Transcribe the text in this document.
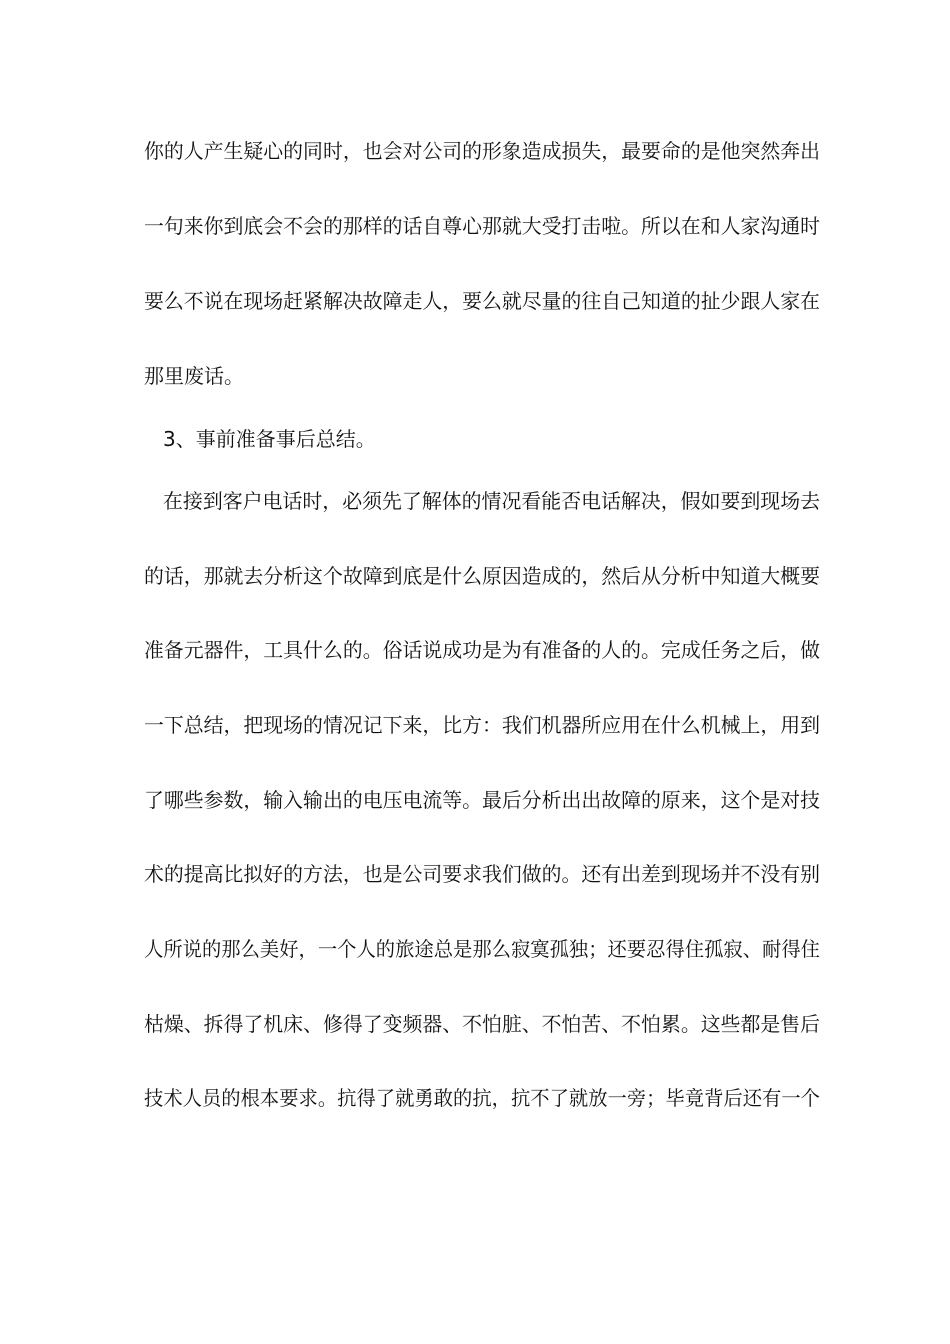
你的人产生疑心的同时，也会对公司的形象造成损失，最要命的是他突然奔出
一句来你到底会不会的那样的话自尊心那就大受打击啦。所以在和人家沟通时
要么不说在现场赶紧解决故障走人，要么就尽量的往自己知道的扯少跟人家在
那里废话。
3、事前准备事后总结。
在接到客户电话时，必须先了解体的情况看能否电话解决，假如要到现场去
的话，那就去分析这个故障到底是什么原因造成的，然后从分析中知道大概要
准备元器件，工具什么的。俗话说成功是为有准备的人的。完成任务之后，做
一下总结，把现场的情况记下来，比方：我们机器所应用在什么机械上，用到
了哪些参数，输入输出的电压电流等。最后分析出出故障的原来，这个是对技
术的提高比拟好的方法，也是公司要求我们做的。还有出差到现场并不没有别
人所说的那么美好，一个人的旅途总是那么寂寞孤独；还要忍得住孤寂、耐得住
枯燥、拆得了机床、修得了变频器、不怕脏、不怕苦、不怕累。这些都是售后
技术人员的根本要求。抗得了就勇敢的抗，抗不了就放一旁；毕竟背后还有一个
